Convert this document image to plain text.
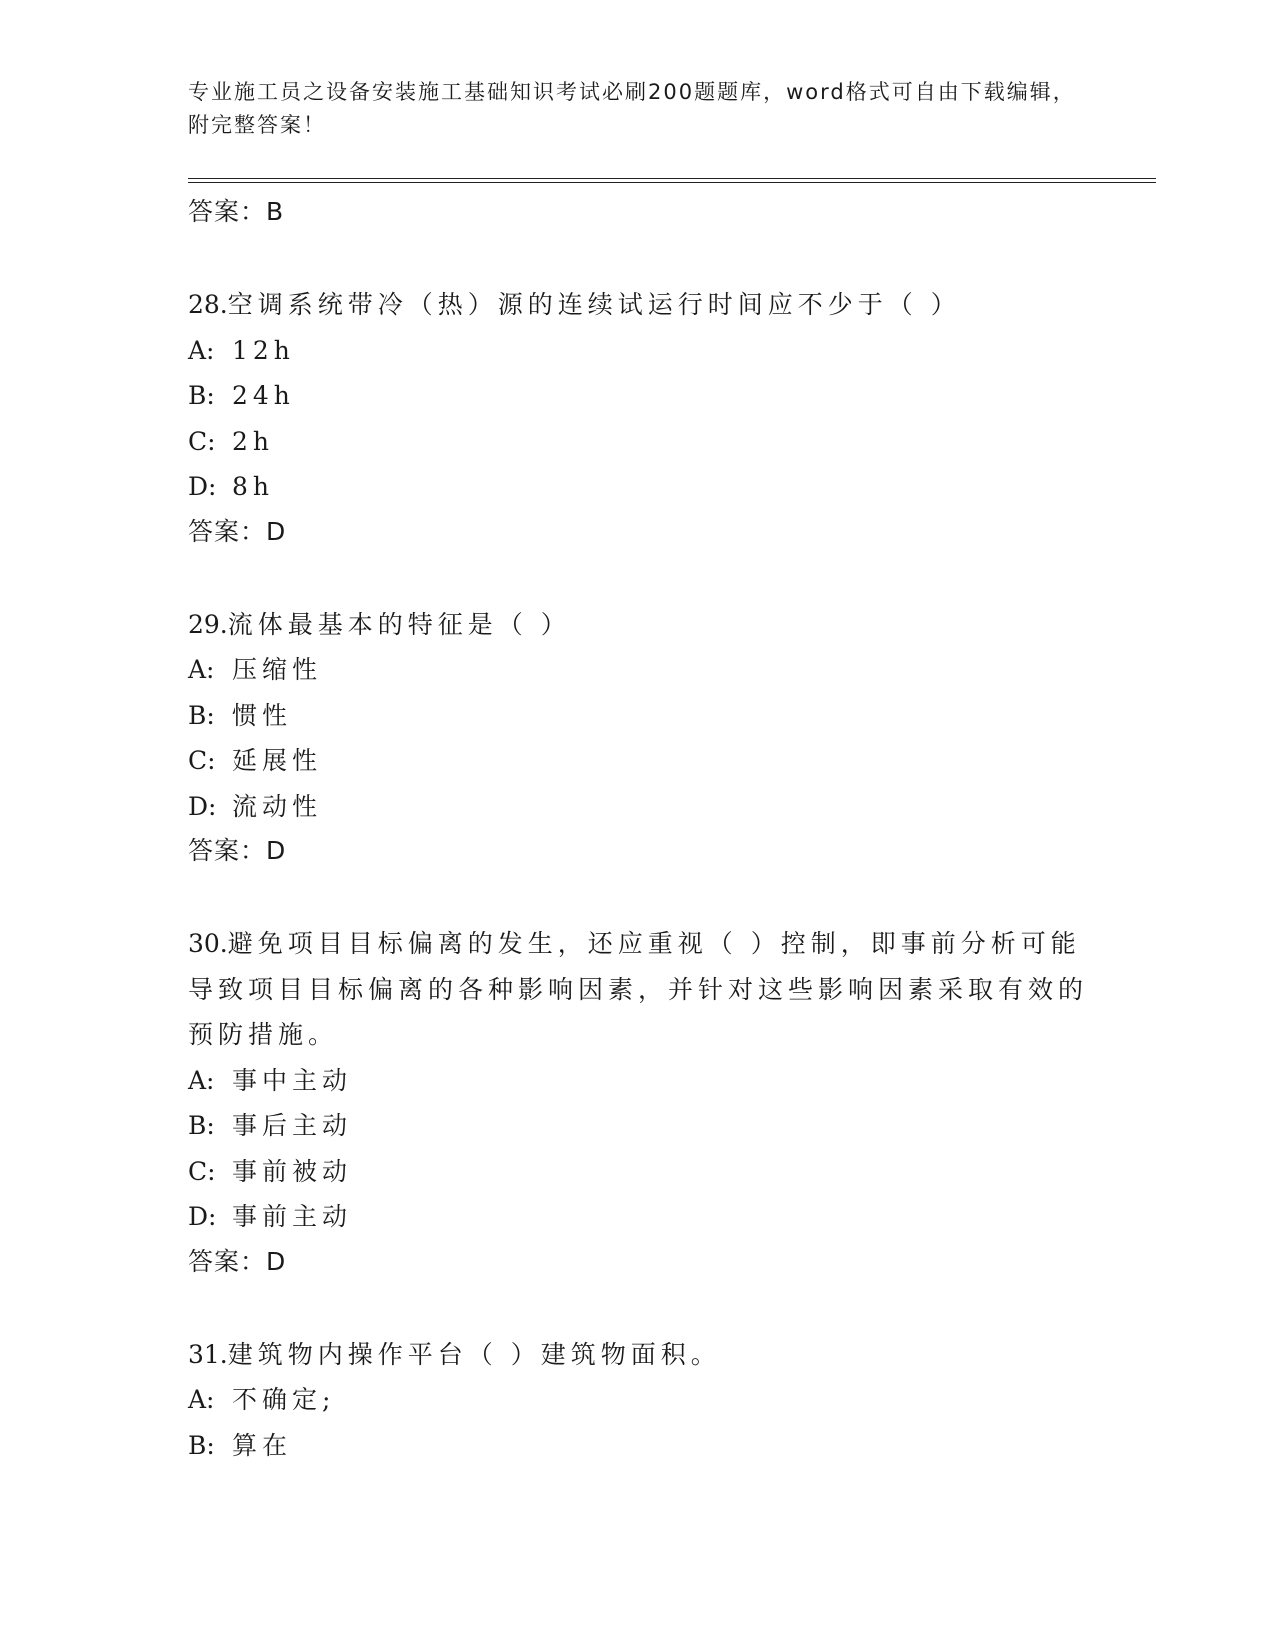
专业施工员之设备安装施工基础知识考试必刷200题题库，word格式可自由下载编辑，附完整答案！
答案：B
28.空调系统带冷（热）源的连续试运行时间应不少于（ ）
A: 12h
B: 24h
C: 2h
D: 8h
答案：D
29.流体最基本的特征是（ ）
A: 压缩性
B: 惯性
C: 延展性
D: 流动性
答案：D
30.避免项目目标偏离的发生，还应重视（ ）控制，即事前分析可能导致项目目标偏离的各种影响因素，并针对这些影响因素采取有效的预防措施。
A: 事中主动
B: 事后主动
C: 事前被动
D: 事前主动
答案：D
31.建筑物内操作平台（ ）建筑物面积。
A: 不确定;
B: 算在
